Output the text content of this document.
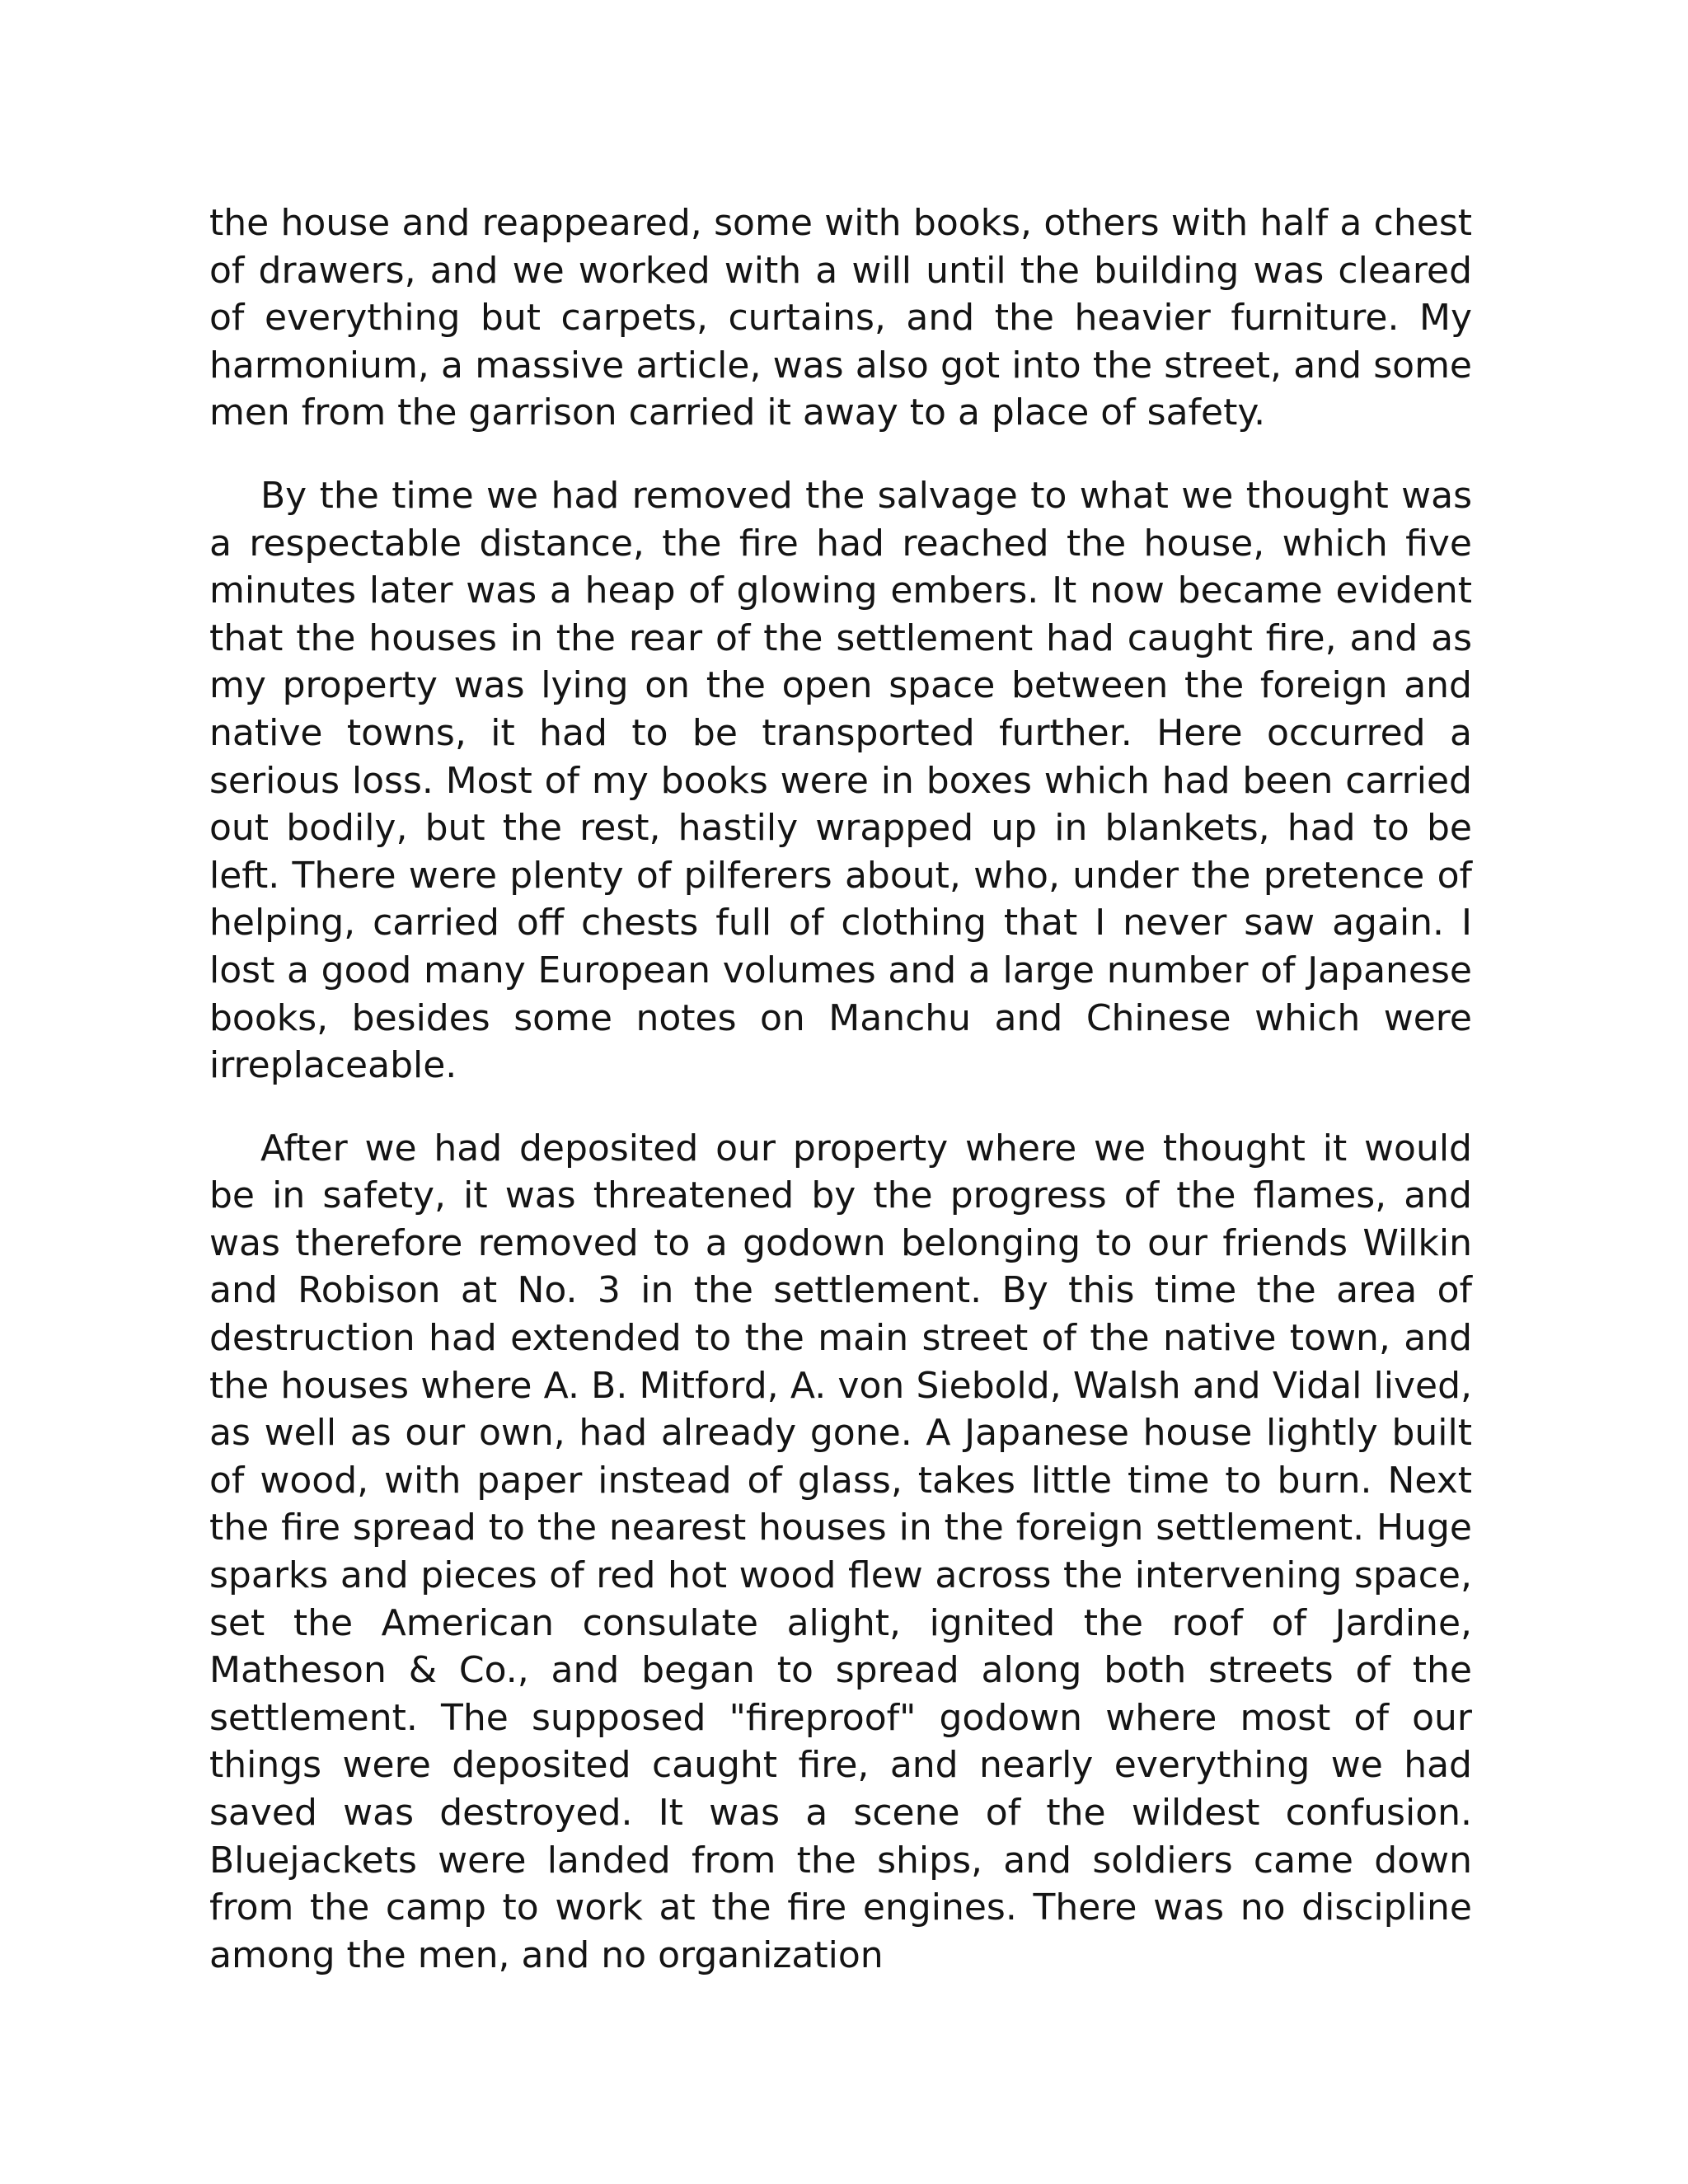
the house and reappeared, some with books, others with half a chest of drawers, and we worked with a will until the building was cleared of everything but carpets, curtains, and the heavier furniture. My harmonium, a massive article, was also got into the street, and some men from the garrison carried it away to a place of safety.

By the time we had removed the salvage to what we thought was a respectable distance, the fire had reached the house, which five minutes later was a heap of glowing embers. It now became evident that the houses in the rear of the settlement had caught fire, and as my property was lying on the open space between the foreign and native towns, it had to be transported further. Here occurred a serious loss. Most of my books were in boxes which had been carried out bodily, but the rest, hastily wrapped up in blankets, had to be left. There were plenty of pilferers about, who, under the pretence of helping, carried off chests full of clothing that I never saw again. I lost a good many European volumes and a large number of Japanese books, besides some notes on Manchu and Chinese which were irreplaceable.

After we had deposited our property where we thought it would be in safety, it was threatened by the progress of the flames, and was therefore removed to a godown belonging to our friends Wilkin and Robison at No. 3 in the settlement. By this time the area of destruction had extended to the main street of the native town, and the houses where A. B. Mitford, A. von Siebold, Walsh and Vidal lived, as well as our own, had already gone. A Japanese house lightly built of wood, with paper instead of glass, takes little time to burn. Next the fire spread to the nearest houses in the foreign settlement. Huge sparks and pieces of red hot wood flew across the intervening space, set the American consulate alight, ignited the roof of Jardine, Matheson & Co., and began to spread along both streets of the settlement. The supposed "fireproof" godown where most of our things were deposited caught fire, and nearly everything we had saved was destroyed. It was a scene of the wildest confusion. Bluejackets were landed from the ships, and soldiers came down from the camp to work at the fire engines. There was no discipline among the men, and no organization
